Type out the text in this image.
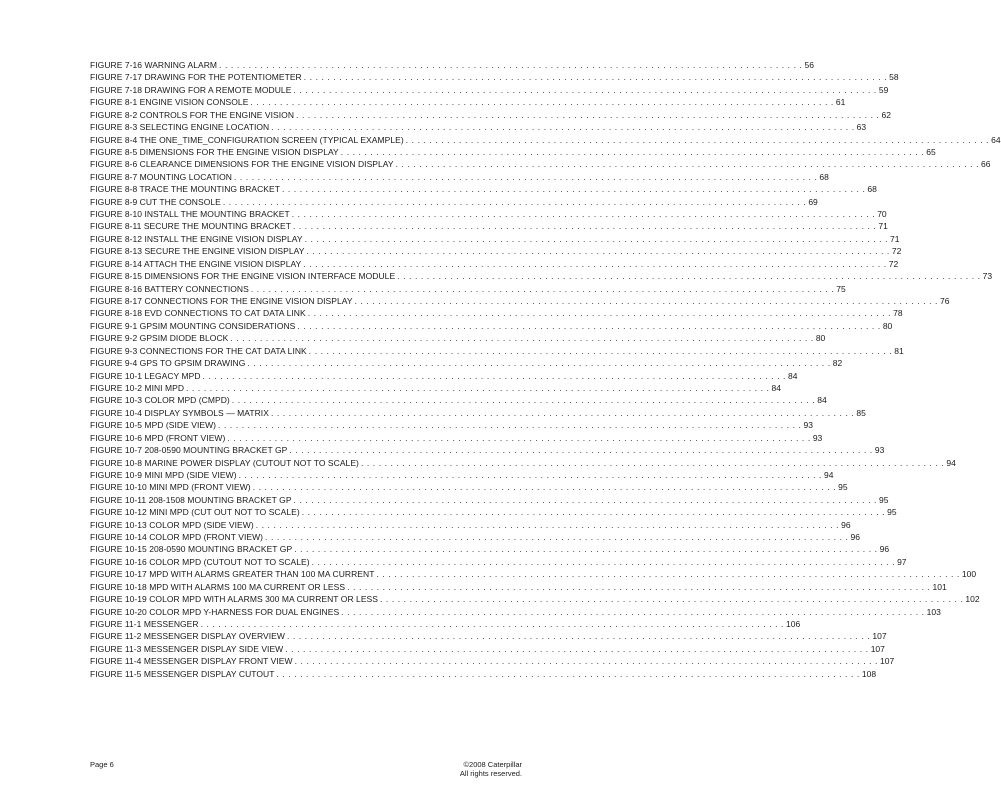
FIGURE 7-16 WARNING ALARM . . . . . . . . . . . . . . . . . . . . . . . . . . . . . . . . . . . . . . . . . . . . . . . . . . . . . . . . . . . . . . . . . . . . . . . . . . . . . . . . . . . . . . . . . . . . . . . . . . . 56
FIGURE 7-17 DRAWING FOR THE POTENTIOMETER . . . . . . . . . . . . . . . . . . . . . . . . . . . . . . . . . . . . . . . . . . . . . . . . . . . . . . . . . . . . . . . . . . . . . . . . . . . . . . . . . . . . . . . . . . . . . . . . . . . 58
FIGURE 7-18 DRAWING FOR A REMOTE MODULE . . . . . . . . . . . . . . . . . . . . . . . . . . . . . . . . . . . . . . . . . . . . . . . . . . . . . . . . . . . . . . . . . . . . . . . . . . . . . . . . . . . . . . . . . . . . . . . . . . . 59
FIGURE 8-1 ENGINE VISION CONSOLE . . . . . . . . . . . . . . . . . . . . . . . . . . . . . . . . . . . . . . . . . . . . . . . . . . . . . . . . . . . . . . . . . . . . . . . . . . . . . . . . . . . . . . . . . . . . . . . . . . . 61
FIGURE 8-2 CONTROLS FOR THE ENGINE VISION . . . . . . . . . . . . . . . . . . . . . . . . . . . . . . . . . . . . . . . . . . . . . . . . . . . . . . . . . . . . . . . . . . . . . . . . . . . . . . . . . . . . . . . . . . . . . . . . . . . 62
FIGURE 8-3 SELECTING ENGINE LOCATION . . . . . . . . . . . . . . . . . . . . . . . . . . . . . . . . . . . . . . . . . . . . . . . . . . . . . . . . . . . . . . . . . . . . . . . . . . . . . . . . . . . . . . . . . . . . . . . . . . . 63
FIGURE 8-4 THE ONE_TIME_CONFIGURATION SCREEN (TYPICAL EXAMPLE) . . . . . . . . . . . . . . . . . . . . . . . . . . . . . . . . . . . . . . . . . . . . . . . . . . . . . . . . . . . . . . . . . . . . . . . . . . . . . . . . . . . . . . . . . . . . . . . . . . . 64
FIGURE 8-5 DIMENSIONS FOR THE ENGINE VISION DISPLAY . . . . . . . . . . . . . . . . . . . . . . . . . . . . . . . . . . . . . . . . . . . . . . . . . . . . . . . . . . . . . . . . . . . . . . . . . . . . . . . . . . . . . . . . . . . . . . . . . . . 65
FIGURE 8-6 CLEARANCE DIMENSIONS FOR THE ENGINE VISION DISPLAY . . . . . . . . . . . . . . . . . . . . . . . . . . . . . . . . . . . . . . . . . . . . . . . . . . . . . . . . . . . . . . . . . . . . . . . . . . . . . . . . . . . . . . . . . . . . . . . . . . . 66
FIGURE 8-7 MOUNTING LOCATION . . . . . . . . . . . . . . . . . . . . . . . . . . . . . . . . . . . . . . . . . . . . . . . . . . . . . . . . . . . . . . . . . . . . . . . . . . . . . . . . . . . . . . . . . . . . . . . . . . . 68
FIGURE 8-8 TRACE THE MOUNTING BRACKET . . . . . . . . . . . . . . . . . . . . . . . . . . . . . . . . . . . . . . . . . . . . . . . . . . . . . . . . . . . . . . . . . . . . . . . . . . . . . . . . . . . . . . . . . . . . . . . . . . . 68
FIGURE 8-9 CUT THE CONSOLE . . . . . . . . . . . . . . . . . . . . . . . . . . . . . . . . . . . . . . . . . . . . . . . . . . . . . . . . . . . . . . . . . . . . . . . . . . . . . . . . . . . . . . . . . . . . . . . . . . . 69
FIGURE 8-10 INSTALL THE MOUNTING BRACKET . . . . . . . . . . . . . . . . . . . . . . . . . . . . . . . . . . . . . . . . . . . . . . . . . . . . . . . . . . . . . . . . . . . . . . . . . . . . . . . . . . . . . . . . . . . . . . . . . . . 70
FIGURE 8-11 SECURE THE MOUNTING BRACKET . . . . . . . . . . . . . . . . . . . . . . . . . . . . . . . . . . . . . . . . . . . . . . . . . . . . . . . . . . . . . . . . . . . . . . . . . . . . . . . . . . . . . . . . . . . . . . . . . . . 71
FIGURE 8-12 INSTALL THE ENGINE VISION DISPLAY . . . . . . . . . . . . . . . . . . . . . . . . . . . . . . . . . . . . . . . . . . . . . . . . . . . . . . . . . . . . . . . . . . . . . . . . . . . . . . . . . . . . . . . . . . . . . . . . . . . 71
FIGURE 8-13 SECURE THE ENGINE VISION DISPLAY . . . . . . . . . . . . . . . . . . . . . . . . . . . . . . . . . . . . . . . . . . . . . . . . . . . . . . . . . . . . . . . . . . . . . . . . . . . . . . . . . . . . . . . . . . . . . . . . . . . 72
FIGURE 8-14 ATTACH THE ENGINE VISION DISPLAY . . . . . . . . . . . . . . . . . . . . . . . . . . . . . . . . . . . . . . . . . . . . . . . . . . . . . . . . . . . . . . . . . . . . . . . . . . . . . . . . . . . . . . . . . . . . . . . . . . . 72
FIGURE 8-15 DIMENSIONS FOR THE ENGINE VISION INTERFACE MODULE . . . . . . . . . . . . . . . . . . . . . . . . . . . . . . . . . . . . . . . . . . . . . . . . . . . . . . . . . . . . . . . . . . . . . . . . . . . . . . . . . . . . . . . . . . . . . . . . . . . 73
FIGURE 8-16 BATTERY CONNECTIONS . . . . . . . . . . . . . . . . . . . . . . . . . . . . . . . . . . . . . . . . . . . . . . . . . . . . . . . . . . . . . . . . . . . . . . . . . . . . . . . . . . . . . . . . . . . . . . . . . . . 75
FIGURE 8-17 CONNECTIONS FOR THE ENGINE VISION DISPLAY . . . . . . . . . . . . . . . . . . . . . . . . . . . . . . . . . . . . . . . . . . . . . . . . . . . . . . . . . . . . . . . . . . . . . . . . . . . . . . . . . . . . . . . . . . . . . . . . . . . 76
FIGURE 8-18 EVD CONNECTIONS TO CAT DATA LINK . . . . . . . . . . . . . . . . . . . . . . . . . . . . . . . . . . . . . . . . . . . . . . . . . . . . . . . . . . . . . . . . . . . . . . . . . . . . . . . . . . . . . . . . . . . . . . . . . . . 78
FIGURE 9-1 GPSIM MOUNTING CONSIDERATIONS . . . . . . . . . . . . . . . . . . . . . . . . . . . . . . . . . . . . . . . . . . . . . . . . . . . . . . . . . . . . . . . . . . . . . . . . . . . . . . . . . . . . . . . . . . . . . . . . . . . 80
FIGURE 9-2 GPSIM DIODE BLOCK . . . . . . . . . . . . . . . . . . . . . . . . . . . . . . . . . . . . . . . . . . . . . . . . . . . . . . . . . . . . . . . . . . . . . . . . . . . . . . . . . . . . . . . . . . . . . . . . . . . 80
FIGURE 9-3 CONNECTIONS FOR THE CAT DATA LINK . . . . . . . . . . . . . . . . . . . . . . . . . . . . . . . . . . . . . . . . . . . . . . . . . . . . . . . . . . . . . . . . . . . . . . . . . . . . . . . . . . . . . . . . . . . . . . . . . . . 81
FIGURE 9-4 GPS TO GPSIM DRAWING . . . . . . . . . . . . . . . . . . . . . . . . . . . . . . . . . . . . . . . . . . . . . . . . . . . . . . . . . . . . . . . . . . . . . . . . . . . . . . . . . . . . . . . . . . . . . . . . . . . 82
FIGURE 10-1 LEGACY MPD . . . . . . . . . . . . . . . . . . . . . . . . . . . . . . . . . . . . . . . . . . . . . . . . . . . . . . . . . . . . . . . . . . . . . . . . . . . . . . . . . . . . . . . . . . . . . . . . . . . 84
FIGURE 10-2 MINI MPD . . . . . . . . . . . . . . . . . . . . . . . . . . . . . . . . . . . . . . . . . . . . . . . . . . . . . . . . . . . . . . . . . . . . . . . . . . . . . . . . . . . . . . . . . . . . . . . . . . . 84
FIGURE 10-3 COLOR MPD (CMPD) . . . . . . . . . . . . . . . . . . . . . . . . . . . . . . . . . . . . . . . . . . . . . . . . . . . . . . . . . . . . . . . . . . . . . . . . . . . . . . . . . . . . . . . . . . . . . . . . . . . 84
FIGURE 10-4 DISPLAY SYMBOLS — MATRIX . . . . . . . . . . . . . . . . . . . . . . . . . . . . . . . . . . . . . . . . . . . . . . . . . . . . . . . . . . . . . . . . . . . . . . . . . . . . . . . . . . . . . . . . . . . . . . . . . . . 85
FIGURE 10-5 MPD (SIDE VIEW) . . . . . . . . . . . . . . . . . . . . . . . . . . . . . . . . . . . . . . . . . . . . . . . . . . . . . . . . . . . . . . . . . . . . . . . . . . . . . . . . . . . . . . . . . . . . . . . . . . . 93
FIGURE 10-6 MPD (FRONT VIEW) . . . . . . . . . . . . . . . . . . . . . . . . . . . . . . . . . . . . . . . . . . . . . . . . . . . . . . . . . . . . . . . . . . . . . . . . . . . . . . . . . . . . . . . . . . . . . . . . . . . 93
FIGURE 10-7 208-0590 MOUNTING BRACKET GP . . . . . . . . . . . . . . . . . . . . . . . . . . . . . . . . . . . . . . . . . . . . . . . . . . . . . . . . . . . . . . . . . . . . . . . . . . . . . . . . . . . . . . . . . . . . . . . . . . . 93
FIGURE 10-8 MARINE POWER DISPLAY (CUTOUT NOT TO SCALE) . . . . . . . . . . . . . . . . . . . . . . . . . . . . . . . . . . . . . . . . . . . . . . . . . . . . . . . . . . . . . . . . . . . . . . . . . . . . . . . . . . . . . . . . . . . . . . . . . . . 94
FIGURE 10-9 MINI MPD (SIDE VIEW) . . . . . . . . . . . . . . . . . . . . . . . . . . . . . . . . . . . . . . . . . . . . . . . . . . . . . . . . . . . . . . . . . . . . . . . . . . . . . . . . . . . . . . . . . . . . . . . . . . . 94
FIGURE 10-10 MINI MPD (FRONT VIEW) . . . . . . . . . . . . . . . . . . . . . . . . . . . . . . . . . . . . . . . . . . . . . . . . . . . . . . . . . . . . . . . . . . . . . . . . . . . . . . . . . . . . . . . . . . . . . . . . . . . 95
FIGURE 10-11 208-1508 MOUNTING BRACKET GP . . . . . . . . . . . . . . . . . . . . . . . . . . . . . . . . . . . . . . . . . . . . . . . . . . . . . . . . . . . . . . . . . . . . . . . . . . . . . . . . . . . . . . . . . . . . . . . . . . . 95
FIGURE 10-12 MINI MPD (CUT OUT NOT TO SCALE) . . . . . . . . . . . . . . . . . . . . . . . . . . . . . . . . . . . . . . . . . . . . . . . . . . . . . . . . . . . . . . . . . . . . . . . . . . . . . . . . . . . . . . . . . . . . . . . . . . . 95
FIGURE 10-13 COLOR MPD (SIDE VIEW) . . . . . . . . . . . . . . . . . . . . . . . . . . . . . . . . . . . . . . . . . . . . . . . . . . . . . . . . . . . . . . . . . . . . . . . . . . . . . . . . . . . . . . . . . . . . . . . . . . . 96
FIGURE 10-14 COLOR MPD (FRONT VIEW) . . . . . . . . . . . . . . . . . . . . . . . . . . . . . . . . . . . . . . . . . . . . . . . . . . . . . . . . . . . . . . . . . . . . . . . . . . . . . . . . . . . . . . . . . . . . . . . . . . . 96
FIGURE 10-15 208-0590 MOUNTING BRACKET GP . . . . . . . . . . . . . . . . . . . . . . . . . . . . . . . . . . . . . . . . . . . . . . . . . . . . . . . . . . . . . . . . . . . . . . . . . . . . . . . . . . . . . . . . . . . . . . . . . . . 96
FIGURE 10-16 COLOR MPD (CUTOUT NOT TO SCALE) . . . . . . . . . . . . . . . . . . . . . . . . . . . . . . . . . . . . . . . . . . . . . . . . . . . . . . . . . . . . . . . . . . . . . . . . . . . . . . . . . . . . . . . . . . . . . . . . . . . 97
FIGURE 10-17 MPD WITH ALARMS GREATER THAN 100 MA CURRENT . . . . . . . . . . . . . . . . . . . . . . . . . . . . . . . . . . . . . . . . . . . . . . . . . . . . . . . . . . . . . . . . . . . . . . . . . . . . . . . . . . . . . . . . . . . . . . . . . . . 100
FIGURE 10-18 MPD WITH ALARMS 100 MA CURRENT OR LESS . . . . . . . . . . . . . . . . . . . . . . . . . . . . . . . . . . . . . . . . . . . . . . . . . . . . . . . . . . . . . . . . . . . . . . . . . . . . . . . . . . . . . . . . . . . . . . . . . . . 101
FIGURE 10-19 COLOR MPD WITH ALARMS 300 MA CURRENT OR LESS . . . . . . . . . . . . . . . . . . . . . . . . . . . . . . . . . . . . . . . . . . . . . . . . . . . . . . . . . . . . . . . . . . . . . . . . . . . . . . . . . . . . . . . . . . . . . . . . . . . 102
FIGURE 10-20 COLOR MPD Y-HARNESS FOR DUAL ENGINES . . . . . . . . . . . . . . . . . . . . . . . . . . . . . . . . . . . . . . . . . . . . . . . . . . . . . . . . . . . . . . . . . . . . . . . . . . . . . . . . . . . . . . . . . . . . . . . . . . . 103
FIGURE 11-1 MESSENGER . . . . . . . . . . . . . . . . . . . . . . . . . . . . . . . . . . . . . . . . . . . . . . . . . . . . . . . . . . . . . . . . . . . . . . . . . . . . . . . . . . . . . . . . . . . . . . . . . . . 106
FIGURE 11-2 MESSENGER DISPLAY OVERVIEW . . . . . . . . . . . . . . . . . . . . . . . . . . . . . . . . . . . . . . . . . . . . . . . . . . . . . . . . . . . . . . . . . . . . . . . . . . . . . . . . . . . . . . . . . . . . . . . . . . . 107
FIGURE 11-3 MESSENGER DISPLAY SIDE VIEW . . . . . . . . . . . . . . . . . . . . . . . . . . . . . . . . . . . . . . . . . . . . . . . . . . . . . . . . . . . . . . . . . . . . . . . . . . . . . . . . . . . . . . . . . . . . . . . . . . . 107
FIGURE 11-4 MESSENGER DISPLAY FRONT VIEW . . . . . . . . . . . . . . . . . . . . . . . . . . . . . . . . . . . . . . . . . . . . . . . . . . . . . . . . . . . . . . . . . . . . . . . . . . . . . . . . . . . . . . . . . . . . . . . . . . . 107
FIGURE 11-5 MESSENGER DISPLAY CUTOUT . . . . . . . . . . . . . . . . . . . . . . . . . . . . . . . . . . . . . . . . . . . . . . . . . . . . . . . . . . . . . . . . . . . . . . . . . . . . . . . . . . . . . . . . . . . . . . . . . . . 108
Page 6	©2008 Caterpillar
All rights reserved.
